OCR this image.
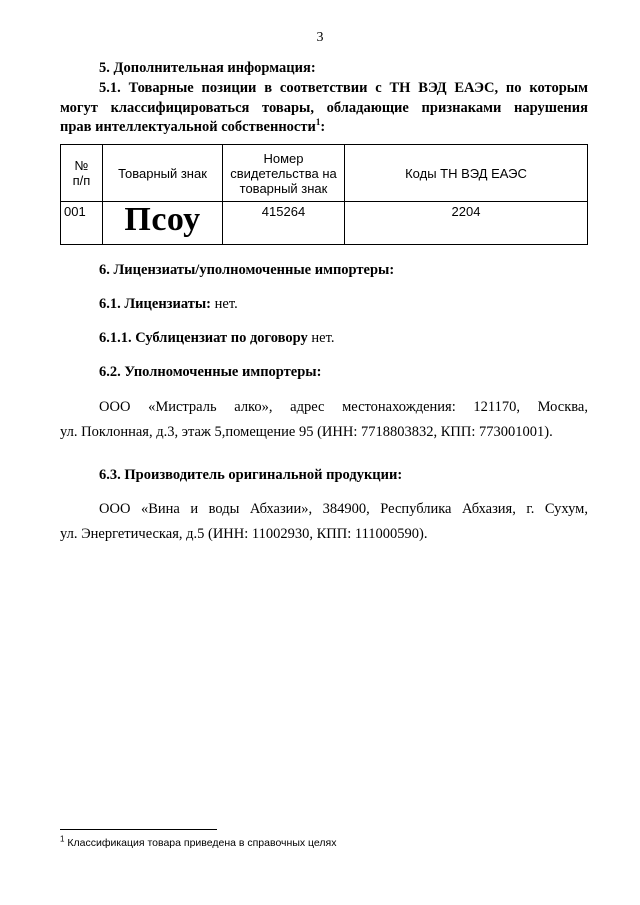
3
5. Дополнительная информация:
5.1. Товарные позиции в соответствии с ТН ВЭД ЕАЭС, по которым
могут классифицироваться товары, обладающие признаками нарушения
прав интеллектуальной собственности$^1$:
№ п/п	Товарный знак	Номер свидетельства на товарный знак	Коды ТН ВЭД ЕАЭС
001	Псоу	415264	2204
6. Лицензиаты/уполномоченные импортеры:
6.1. Лицензиаты: нет.
6.1.1. Сублицензиат по договору нет.
6.2. Уполномоченные импортеры:
ООО «Мистраль алко», адрес местонахождения: 121170, Москва,
ул. Поклонная, д.3, этаж 5,помещение 95 (ИНН: 7718803832, КПП: 773001001).
6.3. Производитель оригинальной продукции:
ООО «Вина и воды Абхазии», 384900, Республика Абхазия, г. Сухум,
ул. Энергетическая, д.5 (ИНН: 11002930, КПП: 111000590).
$^1$ Классификация товара приведена в справочных целях
